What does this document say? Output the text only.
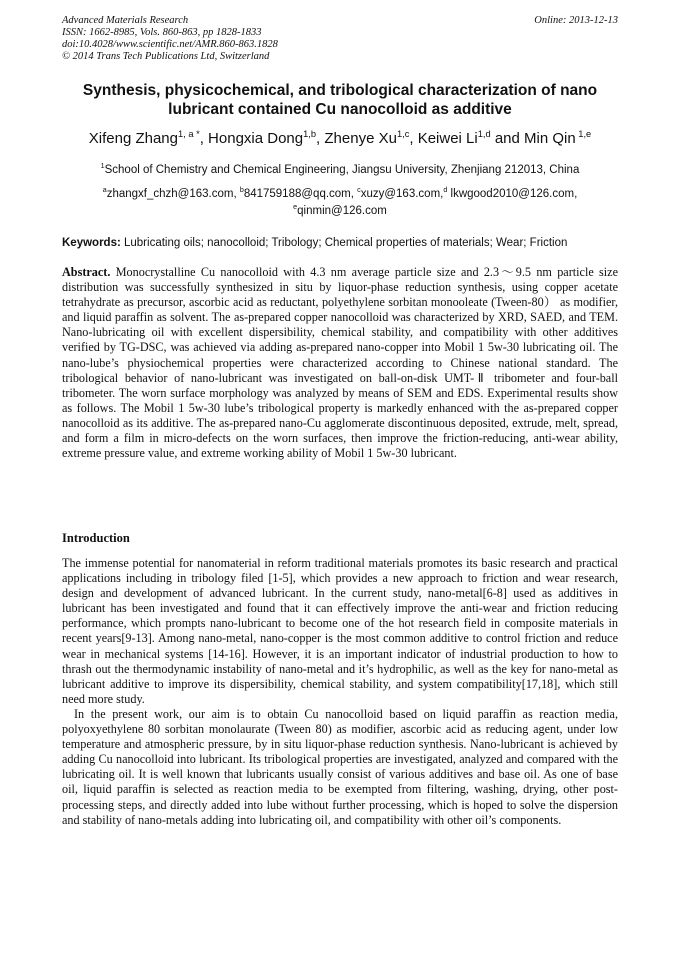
Advanced Materials Research
ISSN: 1662-8985, Vols. 860-863, pp 1828-1833
doi:10.4028/www.scientific.net/AMR.860-863.1828
© 2014 Trans Tech Publications Ltd, Switzerland
Online: 2013-12-13
Synthesis, physicochemical, and tribological characterization of nano lubricant contained Cu nanocolloid as additive
Xifeng Zhang$^{1, a *}$, Hongxia Dong$^{1,b}$, Zhenye Xu$^{1,c}$, Keiwei Li$^{1,d}$ and Min Qin $^{1,e}$
$^1$School of Chemistry and Chemical Engineering, Jiangsu University, Zhenjiang 212013, China
$^a$zhangxf_chzh@163.com, $^b$841759188@qq.com, $^c$xuzy@163.com,$^d$ lkwgood2010@126.com,
$^e$qinmin@126.com
Keywords: Lubricating oils; nanocolloid; Tribology; Chemical properties of materials; Wear; Friction
Abstract. Monocrystalline Cu nanocolloid with 4.3 nm average particle size and 2.3～9.5 nm particle size distribution was successfully synthesized in situ by liquor-phase reduction synthesis, using copper acetate tetrahydrate as precursor, ascorbic acid as reductant, polyethylene sorbitan monooleate (Tween-80） as modifier, and liquid paraffin as solvent. The as-prepared copper nanocolloid was characterized by XRD, SAED, and TEM. Nano-lubricating oil with excellent dispersibility, chemical stability, and compatibility with other additives verified by TG-DSC, was achieved via adding as-prepared nano-copper into Mobil 1 5w-30 lubricating oil. The nano-lube’s physiochemical properties were characterized according to Chinese national standard. The tribological behavior of nano-lubricant was investigated on ball-on-disk UMT-Ⅱ tribometer and four-ball tribometer. The worn surface morphology was analyzed by means of SEM and EDS. Experimental results show as follows. The Mobil 1 5w-30 lube’s tribological property is markedly enhanced with the as-prepared copper nanocolloid as its additive. The as-prepared nano-Cu agglomerate discontinuous deposited, extrude, melt, spread, and form a film in micro-defects on the worn surfaces, then improve the friction-reducing, anti-wear ability, extreme pressure value, and extreme working ability of Mobil 1 5w-30 lubricant.
Introduction

The immense potential for nanomaterial in reform traditional materials promotes its basic research and practical applications including in tribology filed [1-5], which provides a new approach to friction and wear research, design and development of advanced lubricant. In the current study, nano-metal[6-8] used as additives in lubricant has been investigated and found that it can effectively improve the anti-wear and friction reducing performance, which prompts nano-lubricant to become one of the hot research field in composite materials in recent years[9-13]. Among nano-metal, nano-copper is the most common additive to control friction and reduce wear in mechanical systems [14-16]. However, it is an important indicator of industrial production to how to thrash out the thermodynamic instability of nano-metal and it’s hydrophilic, as well as the key for nano-metal as lubricant additive to improve its dispersibility, chemical stability, and system compatibility[17,18], which still need more study.

In the present work, our aim is to obtain Cu nanocolloid based on liquid paraffin as reaction media, polyoxyethylene 80 sorbitan monolaurate (Tween 80) as modifier, ascorbic acid as reducing agent, under low temperature and atmospheric pressure, by in situ liquor-phase reduction synthesis. Nano-lubricant is achieved by adding Cu nanocolloid into lubricant. Its tribological properties are investigated, analyzed and compared with the lubricating oil. It is well known that lubricants usually consist of various additives and base oil. As one of base oil, liquid paraffin is selected as reaction media to be exempted from filtering, washing, drying, other post-processing steps, and directly added into lube without further processing, which is hoped to solve the dispersion and stability of nano-metals adding into lubricating oil, and compatibility with other oil’s components.
